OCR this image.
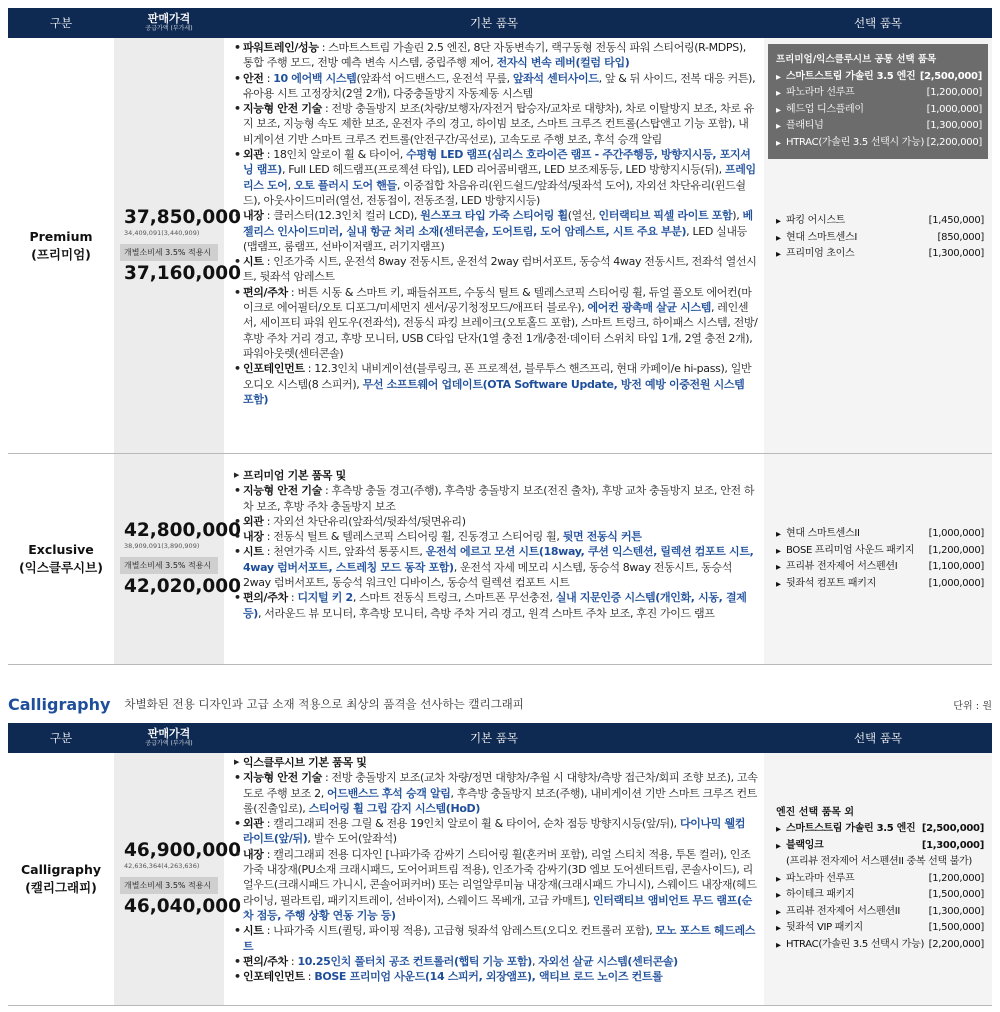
구분	판매가격
공급가액 (부가세)	기본 품목	선택 품목
Premium
(프리미엄)
37,850,000
34,409,091(3,440,909)
개별소비세 3.5% 적용시
37,160,000
• 파워트레인/성능 : 스마트스트림 가솔린 2.5 엔진, 8단 자동변속기, 랙구동형 전동식 파워 스티어링(R-MDPS), 통합 주행 모드, 전방 예측 변속 시스템, 중립주행 제어, 전자식 변속 레버(컬럼 타입)
• 안전 : 10 에어백 시스템(앞좌석 어드밴스드, 운전석 무릎, 앞좌석 센터사이드, 앞 & 뒤 사이드, 전복 대응 커튼), 유아용 시트 고정장치(2열 2개), 다중충돌방지 자동제동 시스템
• 지능형 안전 기술 : 전방 충돌방지 보조(차량/보행자/자전거 탑승자/교차로 대향차), 차로 이탈방지 보조, 차로 유지 보조, 지능형 속도 제한 보조, 운전자 주의 경고, 하이빔 보조, 스마트 크루즈 컨트롤(스탑앤고 기능 포함), 내비게이션 기반 스마트 크루즈 컨트롤(안전구간/곡선로), 고속도로 주행 보조, 후석 승객 알림
• 외관 : 18인치 알로이 휠 & 타이어, 수평형 LED 램프(심리스 호라이즌 램프 - 주간주행등, 방향지시등, 포지셔닝 램프), Full LED 헤드램프(프로젝션 타입), LED 리어콤비램프, LED 보조제동등, LED 방향지시등(뒤), 프레임리스 도어, 오토 플러시 도어 핸들, 이중접합 차음유리(윈드쉴드/앞좌석/뒷좌석 도어), 자외선 차단유리(윈드쉴드), 아웃사이드미러(열선, 전동접이, 전동조절, LED 방향지시등)
• 내장 : 클러스터(12.3인치 컬러 LCD), 원스포크 타입 가죽 스티어링 휠(열선, 인터랙티브 픽셀 라이트 포함), 베젤리스 인사이드미러, 실내 항균 처리 소재(센터콘솔, 도어트림, 도어 암레스트, 시트 주요 부분), LED 실내등(맵램프, 룸램프, 선바이저램프, 러기지램프)
• 시트 : 인조가죽 시트, 운전석 8way 전동시트, 운전석 2way 럼버서포트, 동승석 4way 전동시트, 전좌석 열선시트, 뒷좌석 암레스트
• 편의/주차 : 버튼 시동 & 스마트 키, 패들쉬프트, 수동식 틸트 & 텔레스코픽 스티어링 휠, 듀얼 풀오토 에어컨(마이크로 에어필터/오토 디포그/미세먼지 센서/공기청정모드/애프터 블로우), 에어컨 광촉매 살균 시스템, 레인센서, 세이프티 파워 윈도우(전좌석), 전동식 파킹 브레이크(오토홀드 포함), 스마트 트렁크, 하이패스 시스템, 전방/후방 주차 거리 경고, 후방 모니터, USB C타입 단자(1열 충전 1개/충전·데이터 스위치 타입 1개, 2열 충전 2개), 파워아웃렛(센터콘솔)
• 인포테인먼트 : 12.3인치 내비게이션(블루링크, 폰 프로젝션, 블루투스 핸즈프리, 현대 카페이/e hi-pass), 일반 오디오 시스템(8 스피커), 무선 소프트웨어 업데이트(OTA Software Update, 방전 예방 이중전원 시스템 포함)
프리미엄/익스클루시브 공통 선택 품목
▶ 스마트스트림 가솔린 3.5 엔진 [2,500,000]
▶ 파노라마 선루프	[1,200,000]
▶ 헤드업 디스플레이	[1,000,000]
▶ 플래티넘	[1,300,000]
▶ HTRAC(가솔린 3.5 선택시 가능) [2,200,000]
▶ 파킹 어시스트	[1,450,000]
▶ 현대 스마트센스I	[850,000]
▶ 프리미엄 초이스	[1,300,000]
Exclusive
(익스클루시브)
42,800,000
38,909,091(3,890,909)
개별소비세 3.5% 적용시
42,020,000
▶ 프리미엄 기본 품목 및
• 지능형 안전 기술 : 후측방 충돌 경고(주행), 후측방 충돌방지 보조(전진 출차), 후방 교차 충돌방지 보조, 안전 하차 보조, 후방 주차 충돌방지 보조
• 외관 : 자외선 차단유리(앞좌석/뒷좌석/뒷면유리)
• 내장 : 전동식 틸트 & 텔레스코픽 스티어링 휠, 진동경고 스티어링 휠, 뒷면 전동식 커튼
• 시트 : 천연가죽 시트, 앞좌석 통풍시트, 운전석 에르고 모션 시트(18way, 쿠션 익스텐션, 릴렉션 컴포트 시트, 4way 럼버서포트, 스트레칭 모드 동작 포함), 운전석 자세 메모리 시스템, 동승석 8way 전동시트, 동승석 2way 럼버서포트, 동승석 워크인 디바이스, 동승석 릴렉션 컴포트 시트
• 편의/주차 : 디지털 키 2, 스마트 전동식 트렁크, 스마트폰 무선충전, 실내 지문인증 시스템(개인화, 시동, 결제 등), 서라운드 뷰 모니터, 후측방 모니터, 측방 주차 거리 경고, 원격 스마트 주차 보조, 후진 가이드 램프
▶ 현대 스마트센스II	[1,000,000]
▶ BOSE 프리미엄 사운드 패키지 [1,200,000]
▶ 프리뷰 전자제어 서스펜션I	[1,100,000]
▶ 뒷좌석 컴포트 패키지	[1,000,000]
Calligraphy 차별화된 전용 디자인과 고급 소재 적용으로 최상의 품격을 선사하는 캘리그래피	단위 : 원
구분	판매가격
공급가액 (부가세)	기본 품목	선택 품목
Calligraphy
(캘리그래피)
46,900,000
42,636,364(4,263,636)
개별소비세 3.5% 적용시
46,040,000
▶ 익스클루시브 기본 품목 및
• 지능형 안전 기술 : 전방 충돌방지 보조(교차 차량/정면 대향차/추월 시 대향차/측방 접근차/회피 조향 보조), 고속도로 주행 보조 2, 어드밴스드 후석 승객 알림, 후측방 충돌방지 보조(주행), 내비게이션 기반 스마트 크루즈 컨트롤(진출입로), 스티어링 휠 그립 감지 시스템(HoD)
• 외관 : 캘리그래피 전용 그릴 & 전용 19인치 알로이 휠 & 타이어, 순차 점등 방향지시등(앞/뒤), 다이나믹 웰컴 라이트(앞/뒤), 발수 도어(앞좌석)
• 내장 : 캘리그래피 전용 디자인 [나파가죽 감싸기 스티어링 휠(혼커버 포함), 리얼 스티치 적용, 투톤 컬러), 인조가죽 내장재(PU소재 크래시패드, 도어어퍼트림 적용), 인조가죽 감싸기(3D 엠보 도어센터트림, 콘솔사이드), 리얼우드(크래시패드 가니시, 콘솔어퍼커버) 또는 리얼알루미늄 내장재(크래시패드 가니시), 스웨이드 내장재(헤드라이닝, 필라트림, 패키지트레이, 선바이저), 스웨이드 목베개, 고급 카매트], 인터랙티브 앰비언트 무드 램프(순차 점등, 주행 상황 연동 기능 등)
• 시트 : 나파가죽 시트(퀼팅, 파이핑 적용), 고급형 뒷좌석 암레스트(오디오 컨트롤러 포함), 모노 포스트 헤드레스트
• 편의/주차 : 10.25인치 풀터치 공조 컨트롤러(햅틱 기능 포함), 자외선 살균 시스템(센터콘솔)
• 인포테인먼트 : BOSE 프리미엄 사운드(14 스피커, 외장앰프), 액티브 로드 노이즈 컨트롤
엔진 선택 품목 외
▶ 스마트스트림 가솔린 3.5 엔진 [2,500,000]
▶ 블랙잉크	[1,300,000]
(프리뷰 전자제어 서스펜션II 중복 선택 불가)
▶ 파노라마 선루프	[1,200,000]
▶ 하이테크 패키지	[1,500,000]
▶ 프리뷰 전자제어 서스펜션II	[1,300,000]
▶ 뒷좌석 VIP 패키지	[1,500,000]
▶ HTRAC(가솔린 3.5 선택시 가능) [2,200,000]
